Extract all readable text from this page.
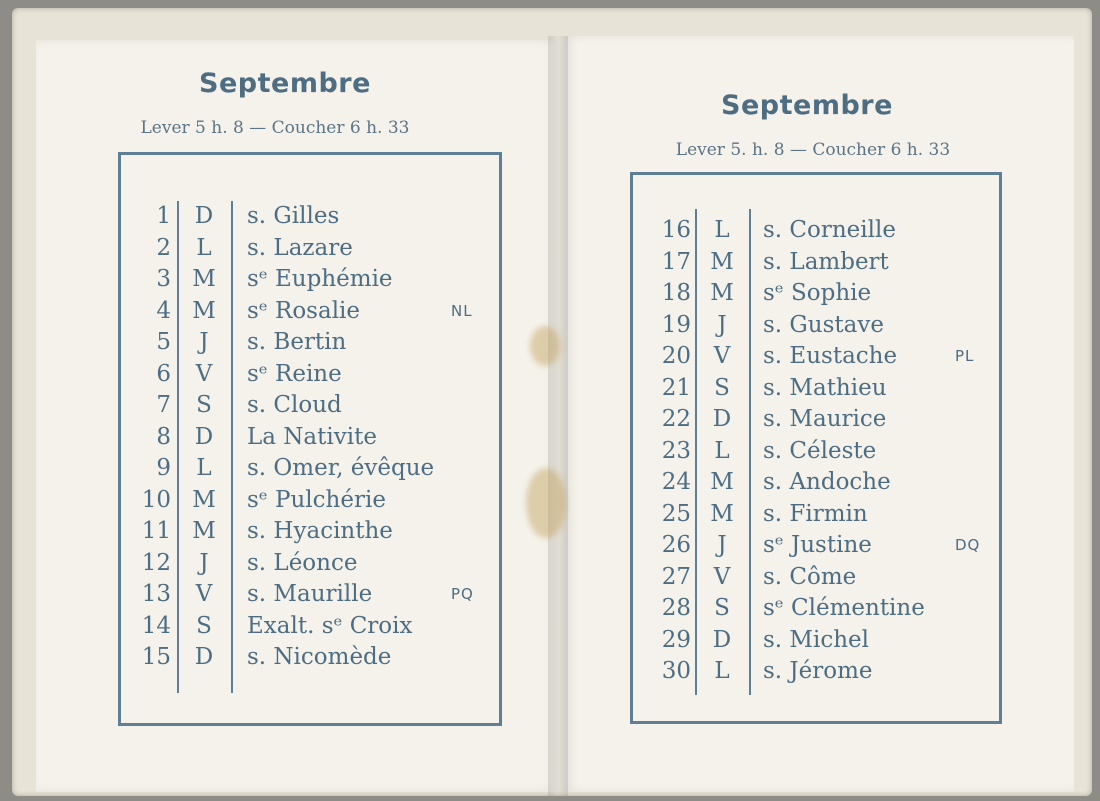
Septembre
Lever 5 h. 8 — Coucher 6 h. 33
1	D	s. Gilles
2	L	s. Lazare
3 M	sᵉ Euphémie
4 M	sᵉ Rosalie	NL
5	J	s. Bertin
6	V	sᵉ Reine
7	S	s. Cloud
8	D	La Nativite
9	L	s. Omer, évêque
10 M	sᵉ Pulchérie
11 M	s. Hyacinthe
12	J	s. Léonce
13	V	s. Maurille	PQ
14	S	Exalt. sᵉ Croix
15	D	s. Nicomède
Septembre
Lever 5. h. 8 — Coucher 6 h. 33
16	L	s. Corneille
17 M	s. Lambert
18 M	sᵉ Sophie
19	J	s. Gustave
20 V	s. Eustache	PL
21	S	s. Mathieu
22 D	s. Maurice
23	L	s. Céleste
24 M	s. Andoche
25 M	s. Firmin
26	J	sᵉ Justine	DQ
27 V	s. Côme
28	S	sᵉ Clémentine
29 D	s. Michel
30	L	s. Jérome
